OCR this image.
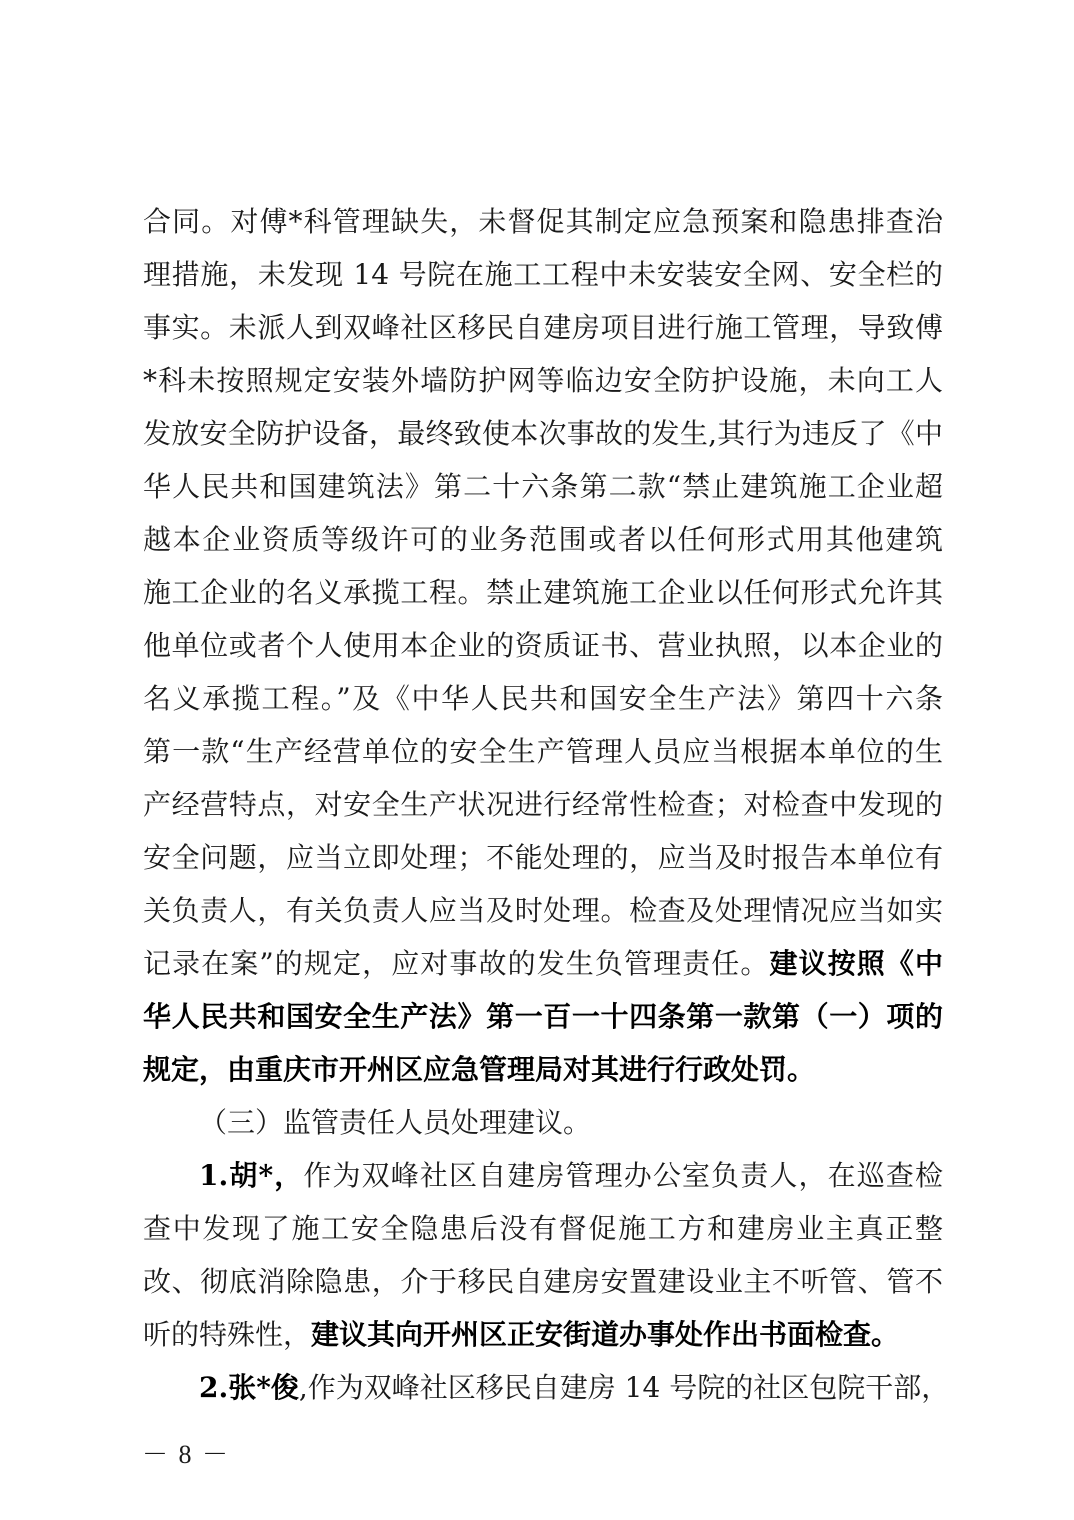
合同。对傅*科管理缺失，未督促其制定应急预案和隐患排查治
理措施，未发现 14 号院在施工工程中未安装安全网、安全栏的
事实。未派人到双峰社区移民自建房项目进行施工管理，导致傅
*科未按照规定安装外墙防护网等临边安全防护设施，未向工人
发放安全防护设备，最终致使本次事故的发生,其行为违反了《中
华人民共和国建筑法》第二十六条第二款“禁止建筑施工企业超
越本企业资质等级许可的业务范围或者以任何形式用其他建筑
施工企业的名义承揽工程。禁止建筑施工企业以任何形式允许其
他单位或者个人使用本企业的资质证书、营业执照，以本企业的
名义承揽工程。”及《中华人民共和国安全生产法》第四十六条
第一款“生产经营单位的安全生产管理人员应当根据本单位的生
产经营特点，对安全生产状况进行经常性检查；对检查中发现的
安全问题，应当立即处理；不能处理的，应当及时报告本单位有
关负责人，有关负责人应当及时处理。检查及处理情况应当如实
记录在案”的规定，应对事故的发生负管理责任。建议按照《中
华人民共和国安全生产法》第一百一十四条第一款第（一）项的
规定，由重庆市开州区应急管理局对其进行行政处罚。
（三）监管责任人员处理建议。
1.胡*，作为双峰社区自建房管理办公室负责人，在巡查检
查中发现了施工安全隐患后没有督促施工方和建房业主真正整
改、彻底消除隐患，介于移民自建房安置建设业主不听管、管不
听的特殊性，建议其向开州区正安街道办事处作出书面检查。
2.张*俊,作为双峰社区移民自建房 14 号院的社区包院干部，
－ 8 －
